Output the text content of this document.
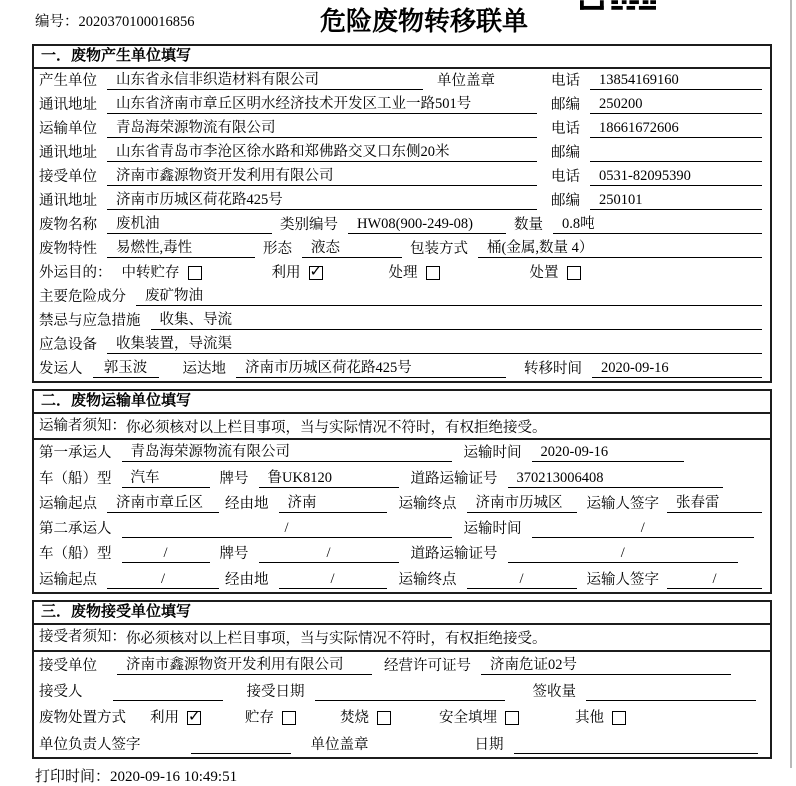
编号：2020370100016856	危险废物转移联单
一．废物产生单位填写
产生单位	山东省永信非织造材料有限公司	单位盖章	电话	13854169160
通讯地址	山东省济南市章丘区明水经济技术开发区工业一路501号	邮编	250200
运输单位	青岛海荣源物流有限公司	电话	18661672606
通讯地址	山东省青岛市李沧区徐水路和郑佛路交叉口东侧20米	邮编
接受单位	济南市鑫源物资开发利用有限公司	电话	0531-82095390
通讯地址	济南市历城区荷花路425号	邮编	250101
废物名称	废机油	类别编号	HW08(900-249-08)	数量	0.8吨
废物特性	易燃性,毒性	形态	液态	包装方式	桶(金属,数量 4）
外运目的： 中转贮存	利用 ✓	处理	处置
主要危险成分	废矿物油
禁忌与应急措施	收集、导流
应急设备	收集装置，导流渠
发运人	郭玉波	运达地	济南市历城区荷花路425号	转移时间	2020-09-16
二．废物运输单位填写
运输者须知： 你必须核对以上栏目事项，当与实际情况不符时，有权拒绝接受。
第一承运人	青岛海荣源物流有限公司	运输时间	2020-09-16
车（船）型	汽车	牌号	鲁UK8120	道路运输证号	370213006408
运输起点	济南市章丘区	经由地	济南	运输终点	济南市历城区	运输人签字	张春雷
第二承运人	/	运输时间	/
车（船）型	/	牌号	/	道路运输证号	/
运输起点	/	经由地	/	运输终点	/	运输人签字	/
三．废物接受单位填写
接受者须知： 你必须核对以上栏目事项，当与实际情况不符时，有权拒绝接受。
接受单位	济南市鑫源物资开发利用有限公司	经营许可证号	济南危证02号
接受人	接受日期	签收量
废物处置方式 利用 ✓	贮存	焚烧	安全填埋	其他
单位负责人签字	单位盖章	日期
打印时间：2020-09-16 10:49:51
